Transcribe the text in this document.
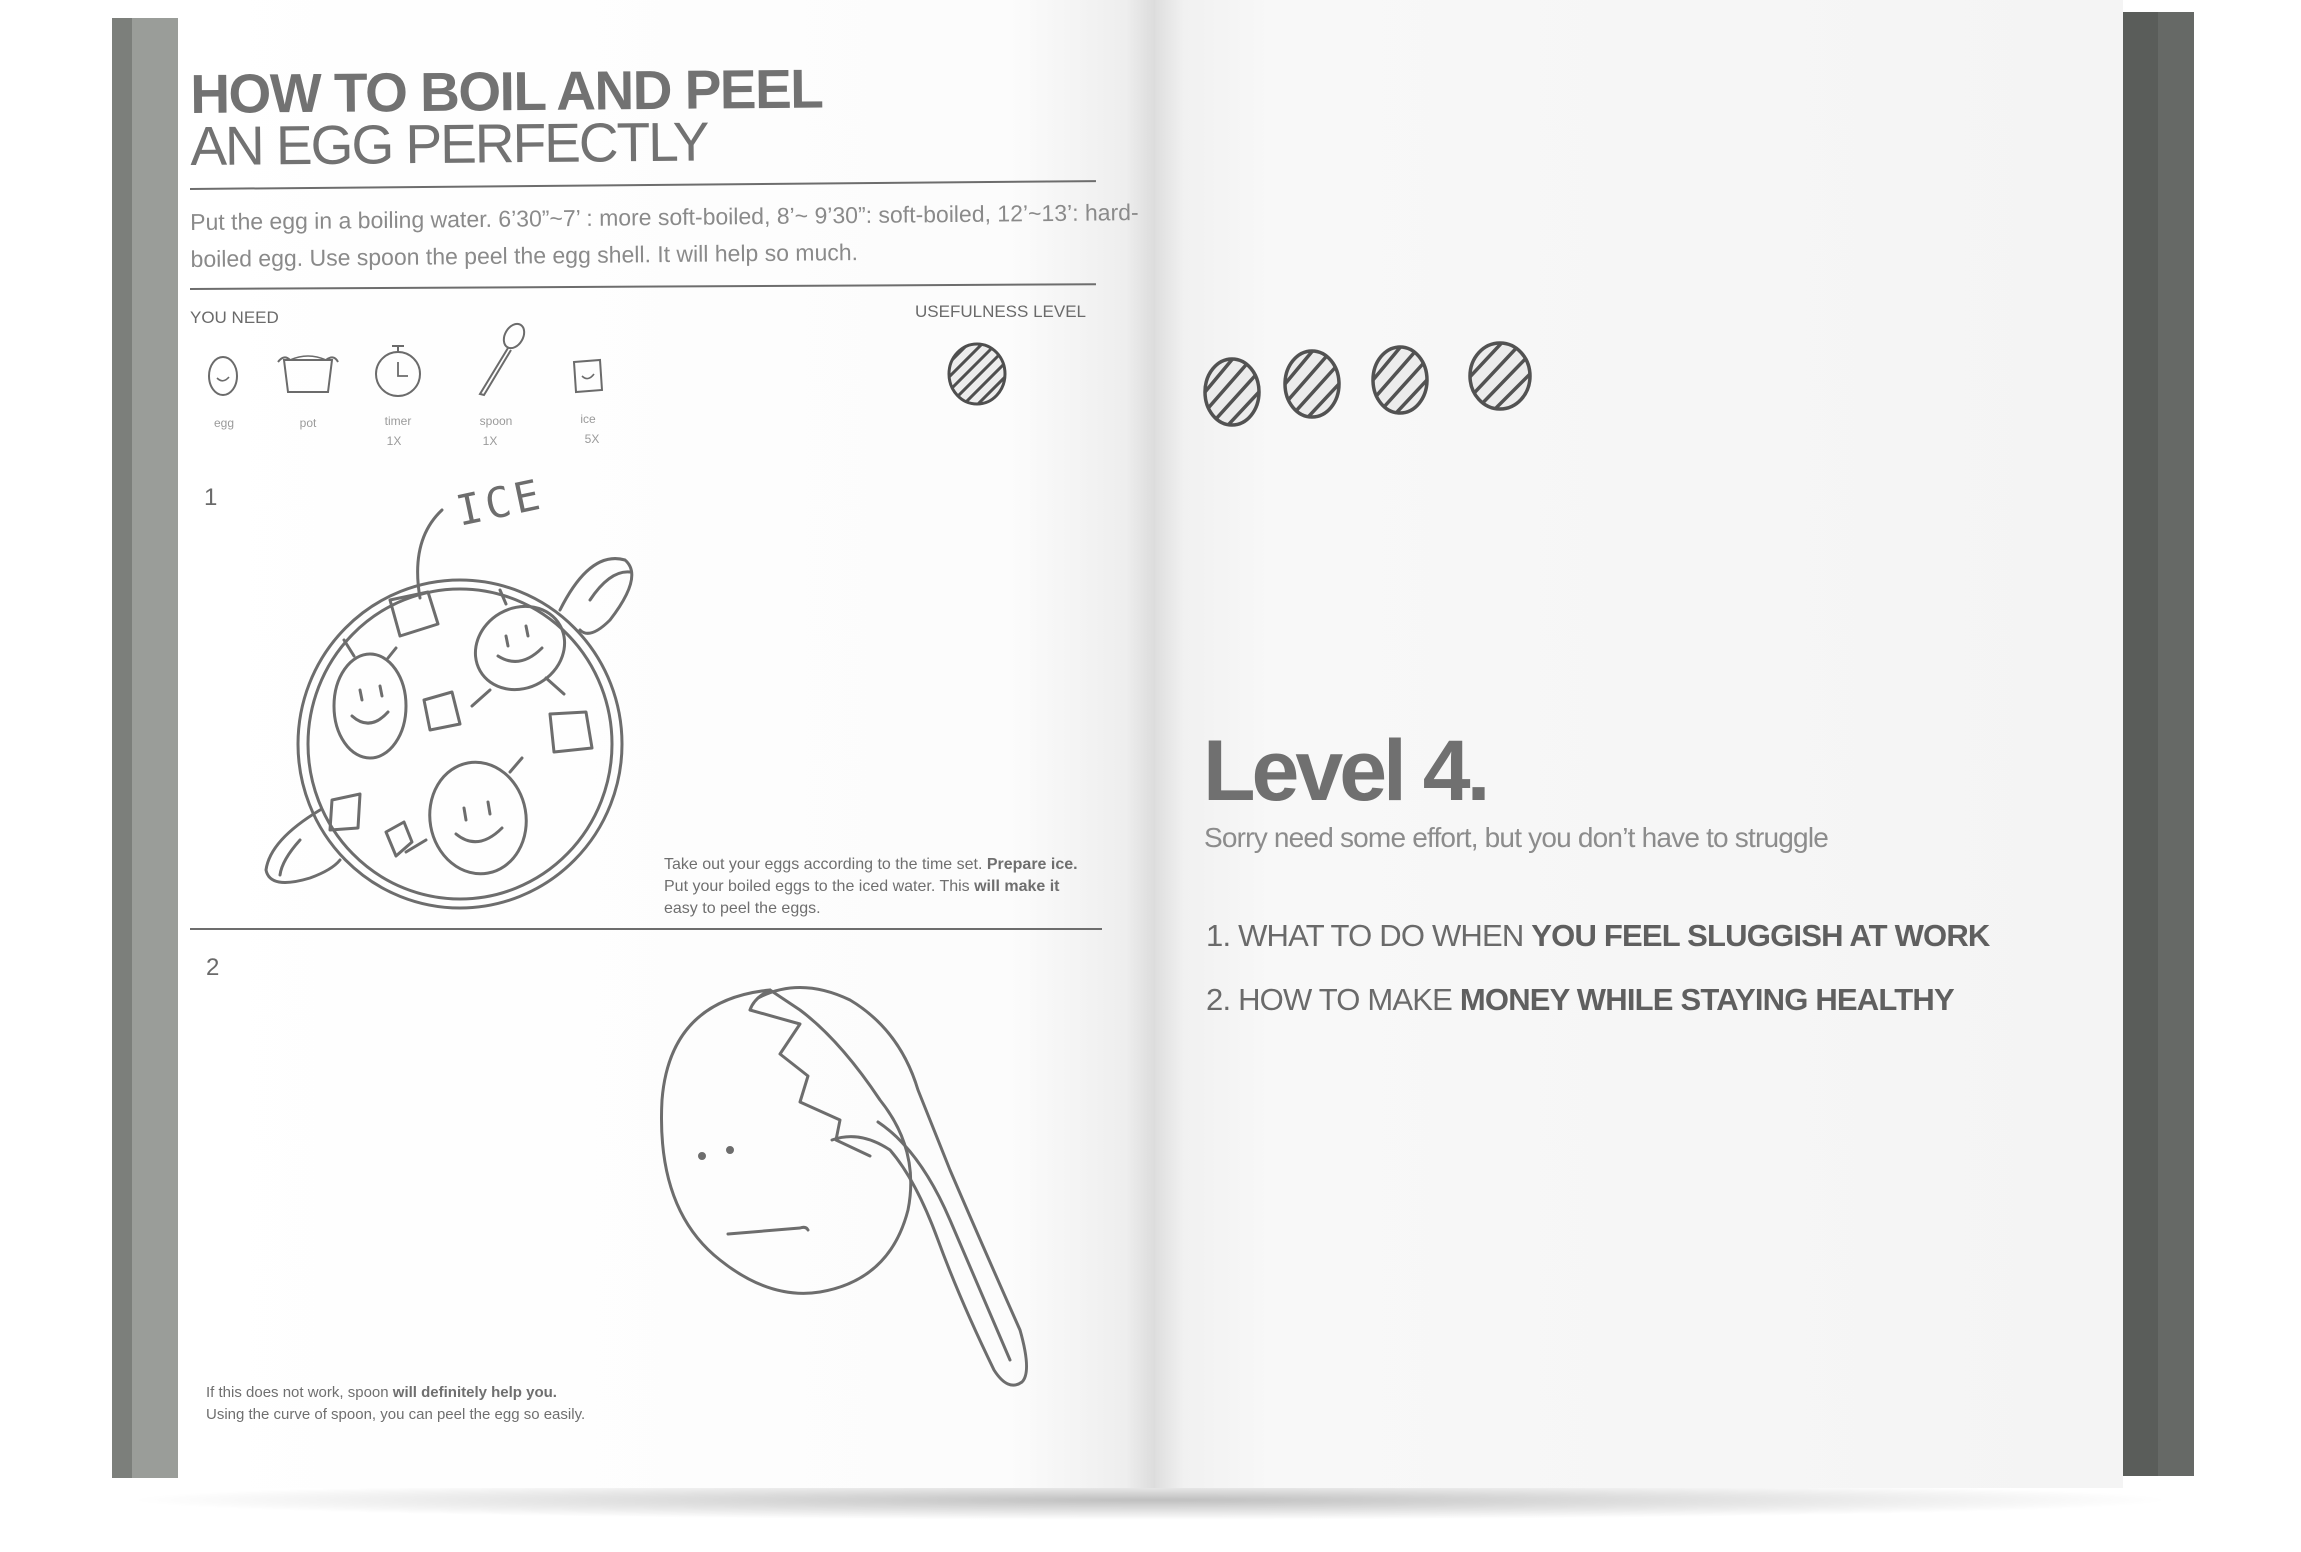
HOW TO BOIL AND PEEL
AN EGG PERFECTLY
Put the egg in a boiling water. 6’30”~7’ : more soft-boiled, 8’~ 9’30”: soft-boiled, 12’~13’: hard-
boiled egg. Use spoon the peel the egg shell. It will help so much.
YOU NEED	USEFULNESS LEVEL
egg	pot	timer
1X
spoon
1X
ice
5X
1	ICE
Take out your eggs according to the time set. Prepare ice.
Put your boiled eggs to the iced water. This will make it
easy to peel the eggs.
2
If this does not work, spoon will definitely help you.
Using the curve of spoon, you can peel the egg so easily.
Level 4.
Sorry need some effort, but you don’t have to struggle
1. WHAT TO DO WHEN YOU FEEL SLUGGISH AT WORK
2. HOW TO MAKE MONEY WHILE STAYING HEALTHY
